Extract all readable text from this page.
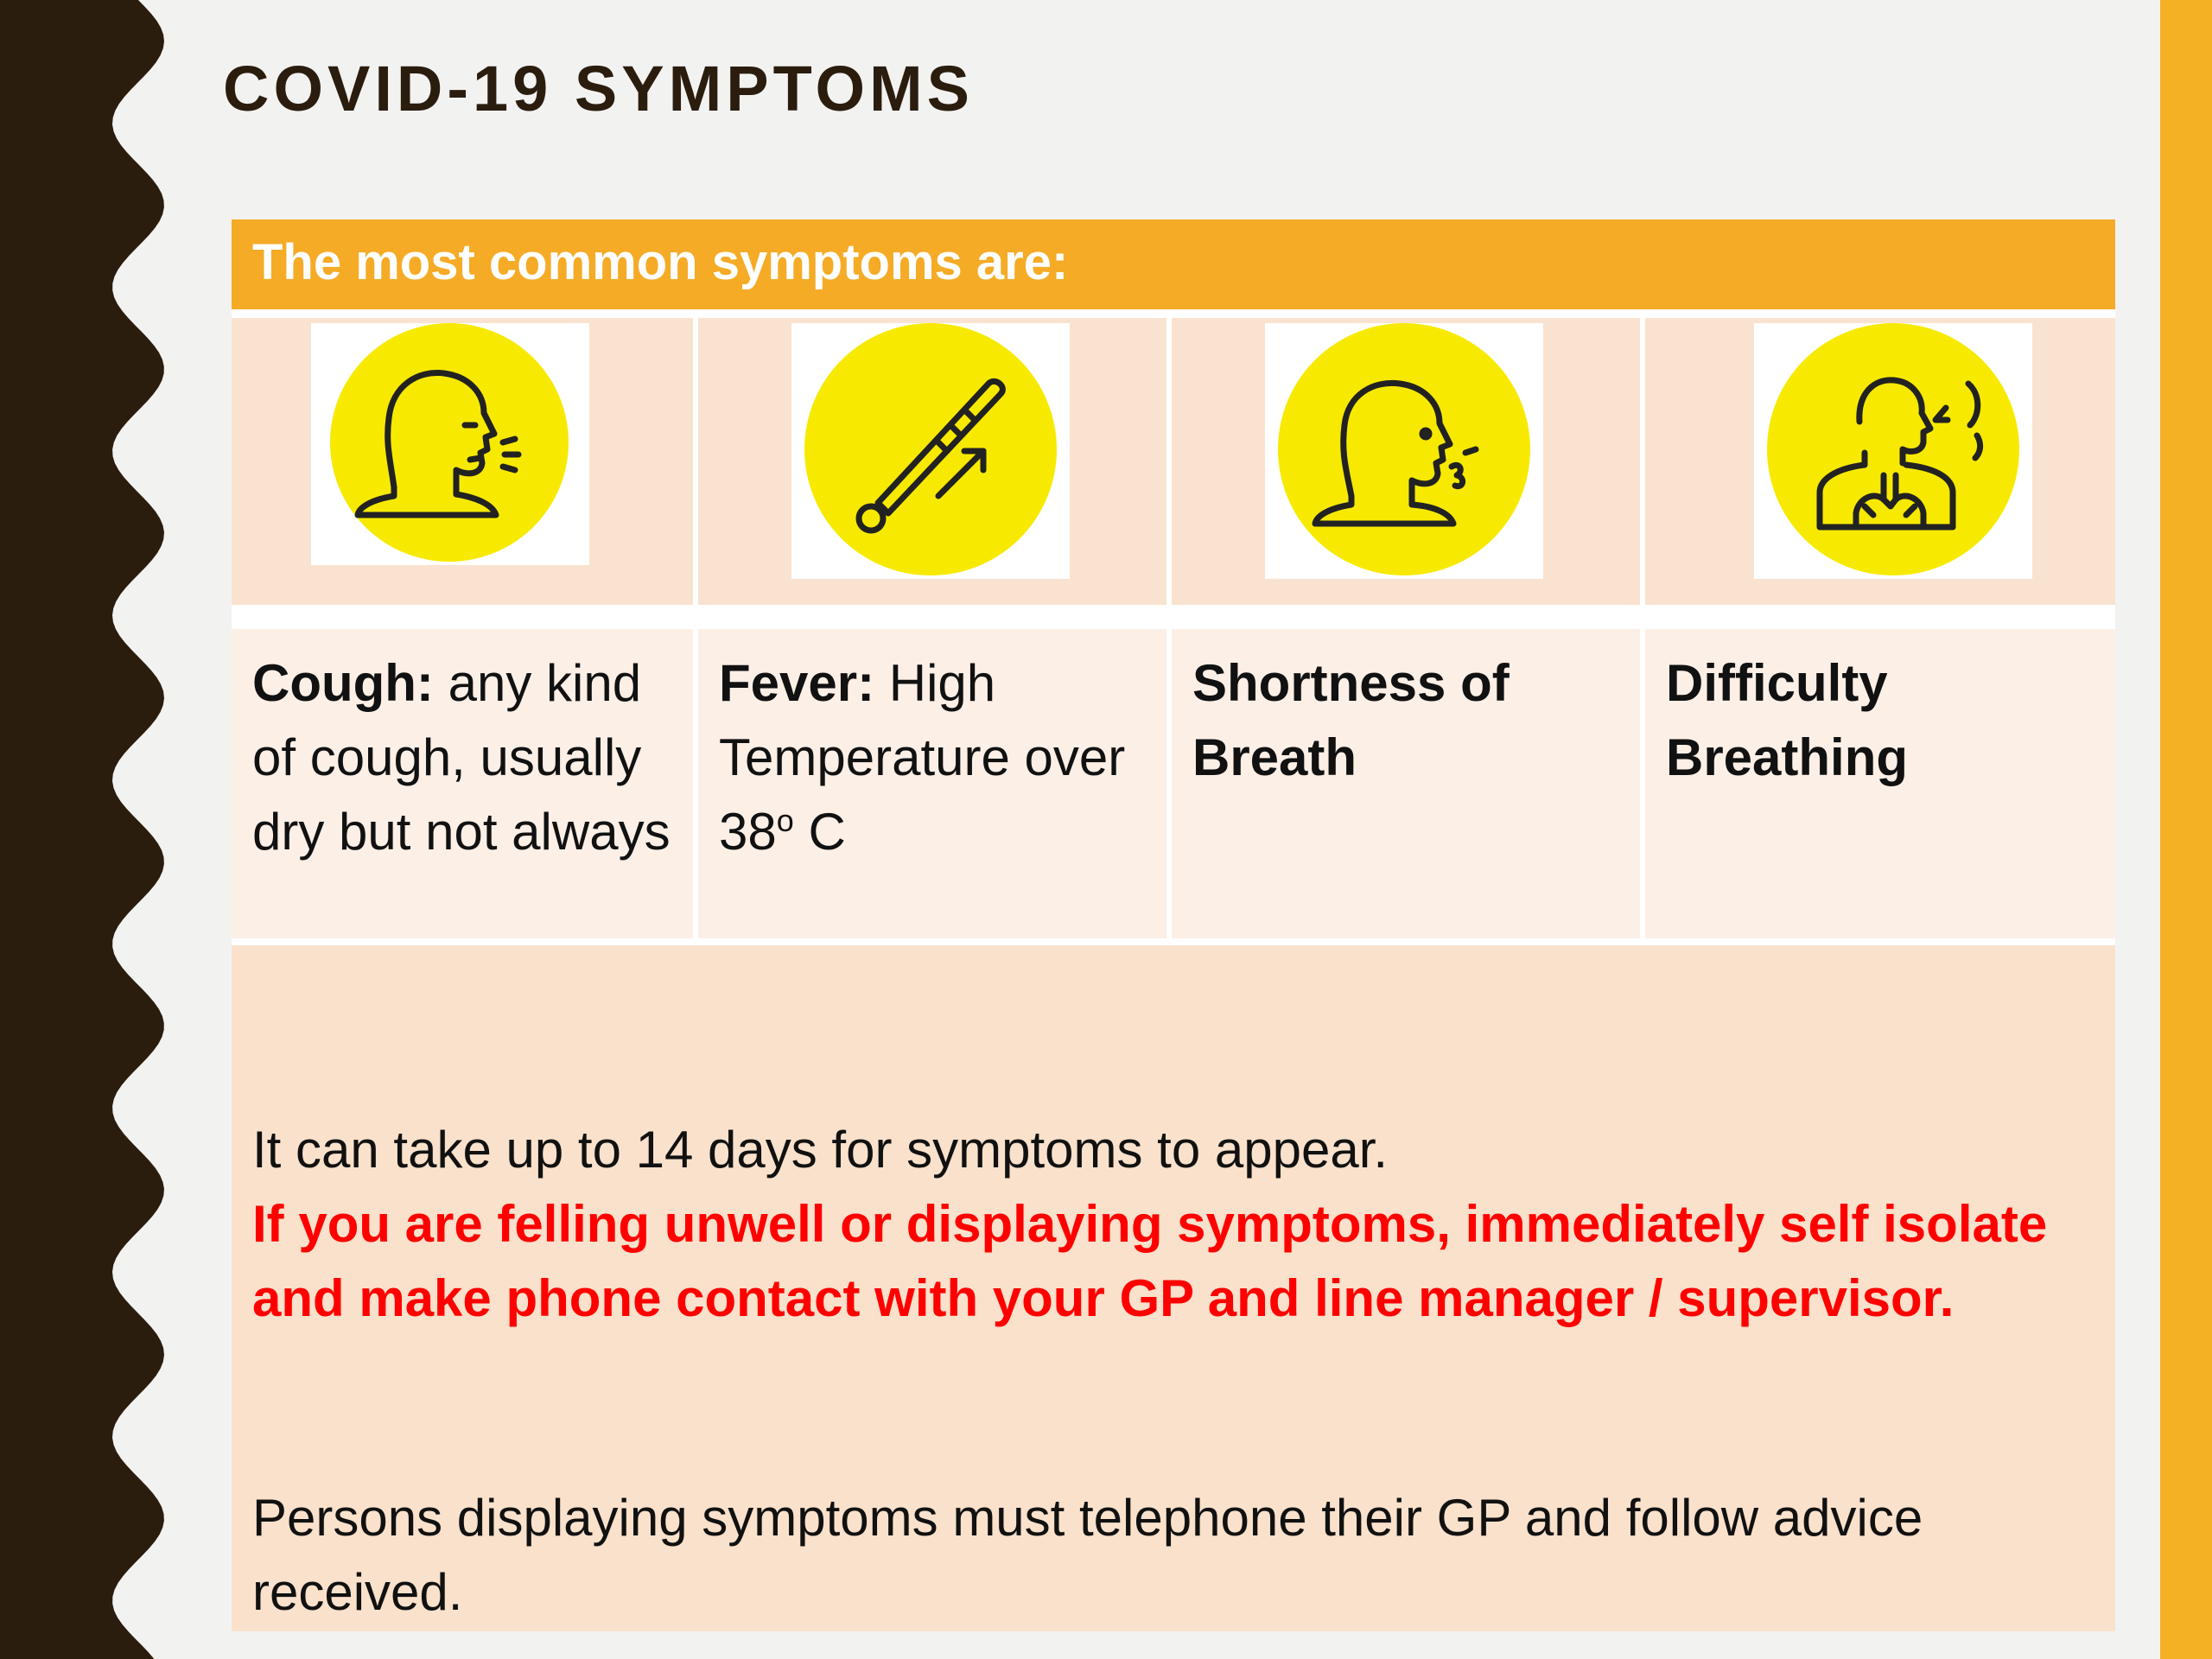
COVID-19 SYMPTOMS
The most common symptoms are:
Cough: any kind of cough, usually dry but not always
Fever: High Temperature over 38$^o$ C
Shortness of Breath
Difficulty Breathing

It can take up to 14 days for symptoms to appear.

If you are felling unwell or displaying symptoms, immediately self isolate and make phone contact with your GP and line manager / supervisor.

Persons displaying symptoms must telephone their GP and follow advice received.
